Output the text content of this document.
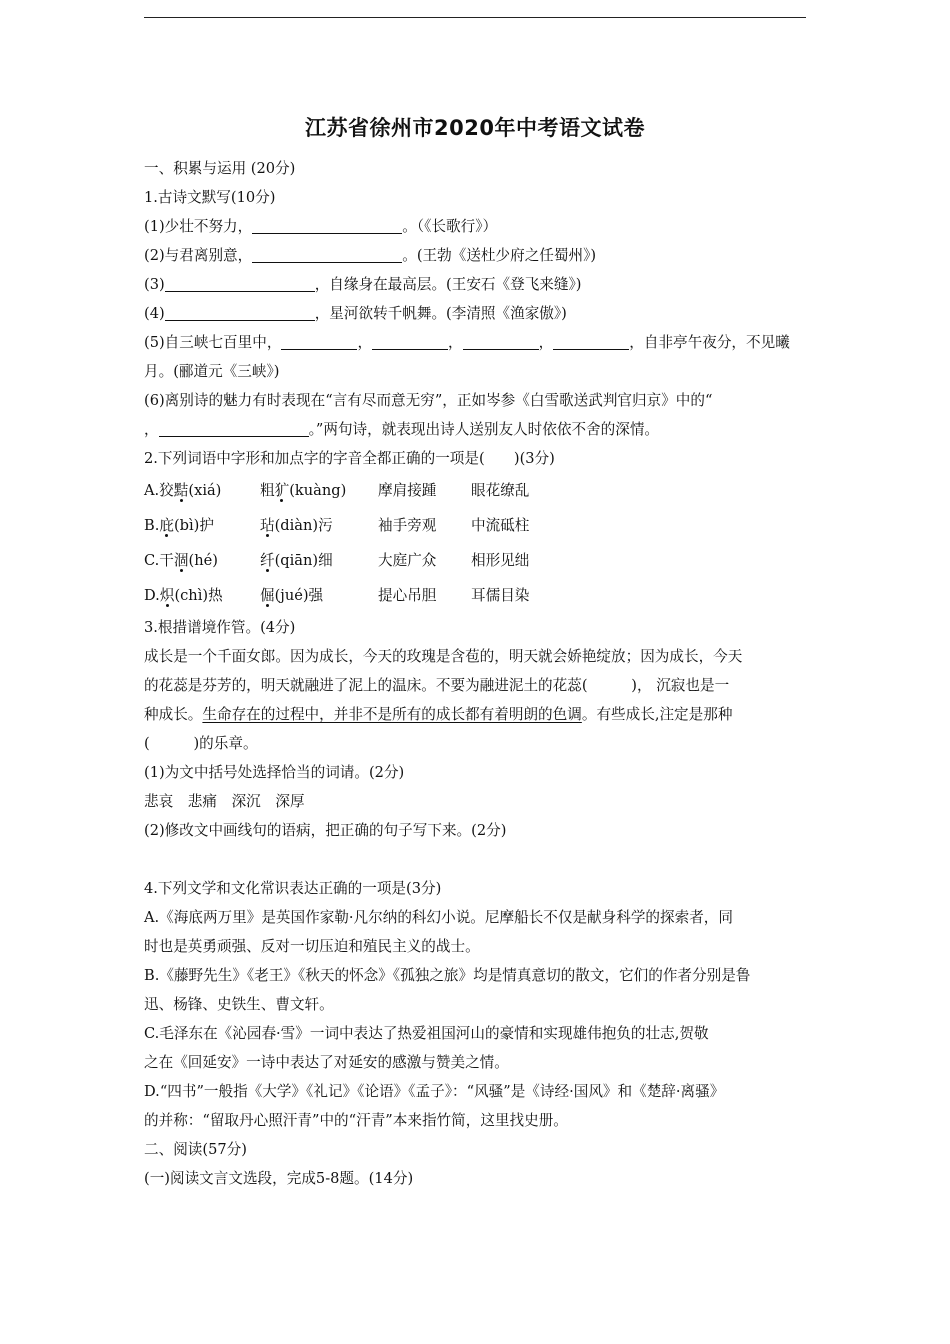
江苏省徐州市2020年中考语文试卷
一、积累与运用 (20分)
1.古诗文默写(10分)
(1)少壮不努力，	。（《长歌行》）
(2)与君离别意，	。(王勃《送杜少府之任蜀州》)
(3)	，自缘身在最高层。(王安石《登飞来缝》)
(4)	，星河欲转千帆舞。(李清照《渔家傲》)
(5)自三峡七百里中，	，	，	，	，自非亭午夜分，不见曦
月。(郦道元《三峡》)
(6)离别诗的魅力有时表现在“言有尽而意无穷”，正如岑参《白雪歌送武判官归京》中的“
，	。”两句诗，就表现出诗人送别友人时依依不舍的深情。
2.下列词语中字形和加点字的字音全都正确的一项是(　　)(3分)
A.狡黠(xiá)	粗犷(kuàng) 摩肩接踵 眼花缭乱
B.庇(bì)护	玷(diàn)污	袖手旁观 中流砥柱
C.干涸(hé)	纤(qiān)细	大庭广众 相形见绌
D.炽(chì)热	倔(jué)强	提心吊胆 耳儒目染
3.根措谱境作管。(4分)
成长是一个千面女郎。因为成长，今天的玫瑰是含苞的，明天就会娇艳绽放；因为成长，今天
的花蕊是芬芳的，明天就融进了泥上的温床。不要为融进泥土的花蕊(　　　)， 沉寂也是一
种成长。生命存在的过程中，并非不是所有的成长都有着明朗的色调。有些成长,注定是那种
(　　　)的乐章。
(1)为文中括号处选择恰当的词请。(2分)
悲哀　悲痛　深沉　深厚
(2)修改文中画线句的语病，把正确的句子写下来。(2分)
4.下列文学和文化常识表达正确的一项是(3分)
A.《海底两万里》是英国作家勒·凡尔纳的科幻小说。尼摩船长不仅是献身科学的探索者，同
时也是英勇顽强、反对一切压迫和殖民主义的战士。
B.《藤野先生》《老王》《秋天的怀念》《孤独之旅》均是情真意切的散文，它们的作者分别是鲁
迅、杨锋、史铁生、曹文轩。
C.毛泽东在《沁园春·雪》一词中表达了热爱祖国河山的豪情和实现雄伟抱负的壮志,贺敬
之在《回延安》一诗中表达了对延安的感激与赞美之情。
D.“四书”一般指《大学》《礼记》《论语》《孟子》：“风骚”是《诗经·国风》和《楚辞·离骚》
的并称：“留取丹心照汗青”中的“汗青”本来指竹简，这里找史册。
二、阅读(57分)
(一)阅读文言文选段，完成5-8题。(14分)
